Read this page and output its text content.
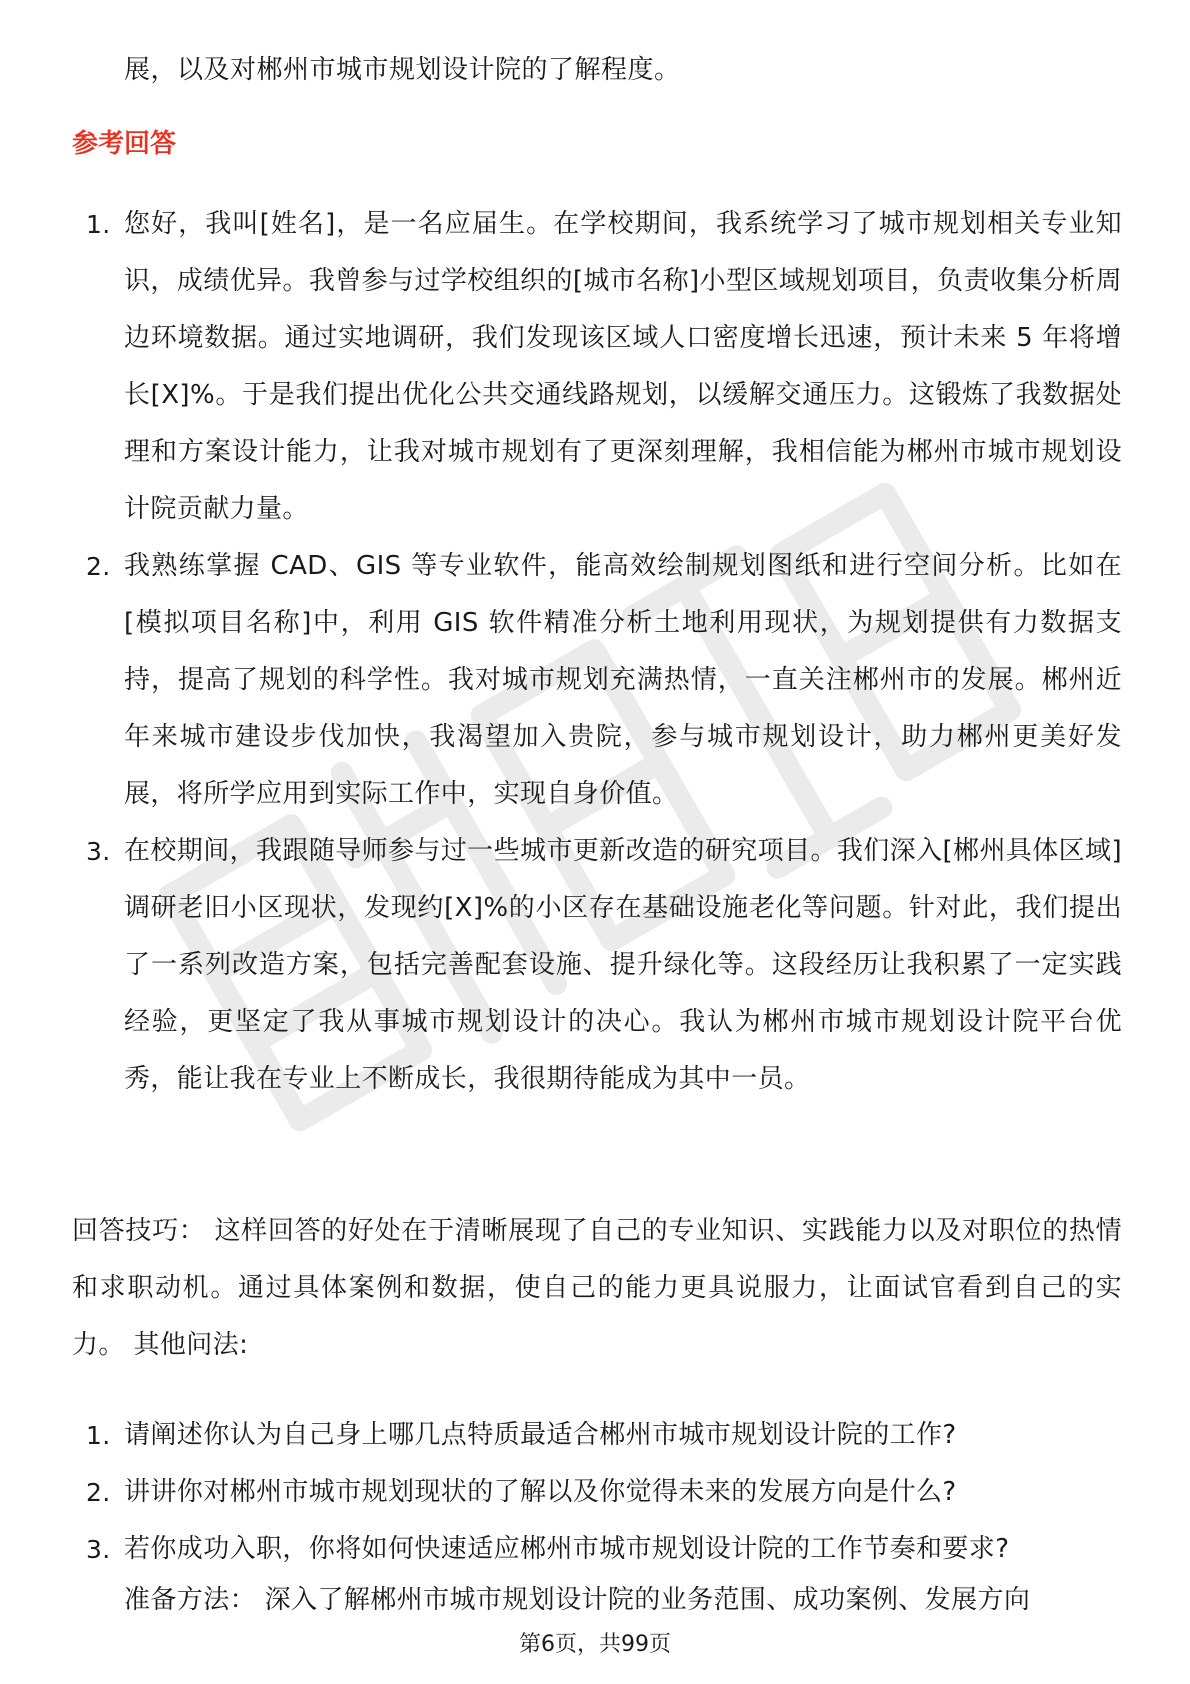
展，以及对郴州市城市规划设计院的了解程度。
参考回答
1. 您好，我叫[姓名]，是一名应届生。在学校期间，我系统学习了城市规划相关专业知识，成绩优异。我曾参与过学校组织的[城市名称]小型区域规划项目，负责收集分析周边环境数据。通过实地调研，我们发现该区域人口密度增长迅速，预计未来 5 年将增长[X]%。于是我们提出优化公共交通线路规划，以缓解交通压力。这锻炼了我数据处理和方案设计能力，让我对城市规划有了更深刻理解，我相信能为郴州市城市规划设计院贡献力量。
2. 我熟练掌握 CAD、GIS 等专业软件，能高效绘制规划图纸和进行空间分析。比如在[模拟项目名称]中，利用 GIS 软件精准分析土地利用现状，为规划提供有力数据支持，提高了规划的科学性。我对城市规划充满热情，一直关注郴州市的发展。郴州近年来城市建设步伐加快，我渴望加入贵院，参与城市规划设计，助力郴州更美好发展，将所学应用到实际工作中，实现自身价值。
3. 在校期间，我跟随导师参与过一些城市更新改造的研究项目。我们深入[郴州具体区域]调研老旧小区现状，发现约[X]%的小区存在基础设施老化等问题。针对此，我们提出了一系列改造方案，包括完善配套设施、提升绿化等。这段经历让我积累了一定实践经验，更坚定了我从事城市规划设计的决心。我认为郴州市城市规划设计院平台优秀，能让我在专业上不断成长，我很期待能成为其中一员。
回答技巧： 这样回答的好处在于清晰展现了自己的专业知识、实践能力以及对职位的热情和求职动机。通过具体案例和数据，使自己的能力更具说服力，让面试官看到自己的实力。 其他问法:
1. 请阐述你认为自己身上哪几点特质最适合郴州市城市规划设计院的工作?
2. 讲讲你对郴州市城市规划现状的了解以及你觉得未来的发展方向是什么?
3. 若你成功入职，你将如何快速适应郴州市城市规划设计院的工作节奏和要求?
准备方法： 深入了解郴州市城市规划设计院的业务范围、成功案例、发展方向
第6页，共99页
